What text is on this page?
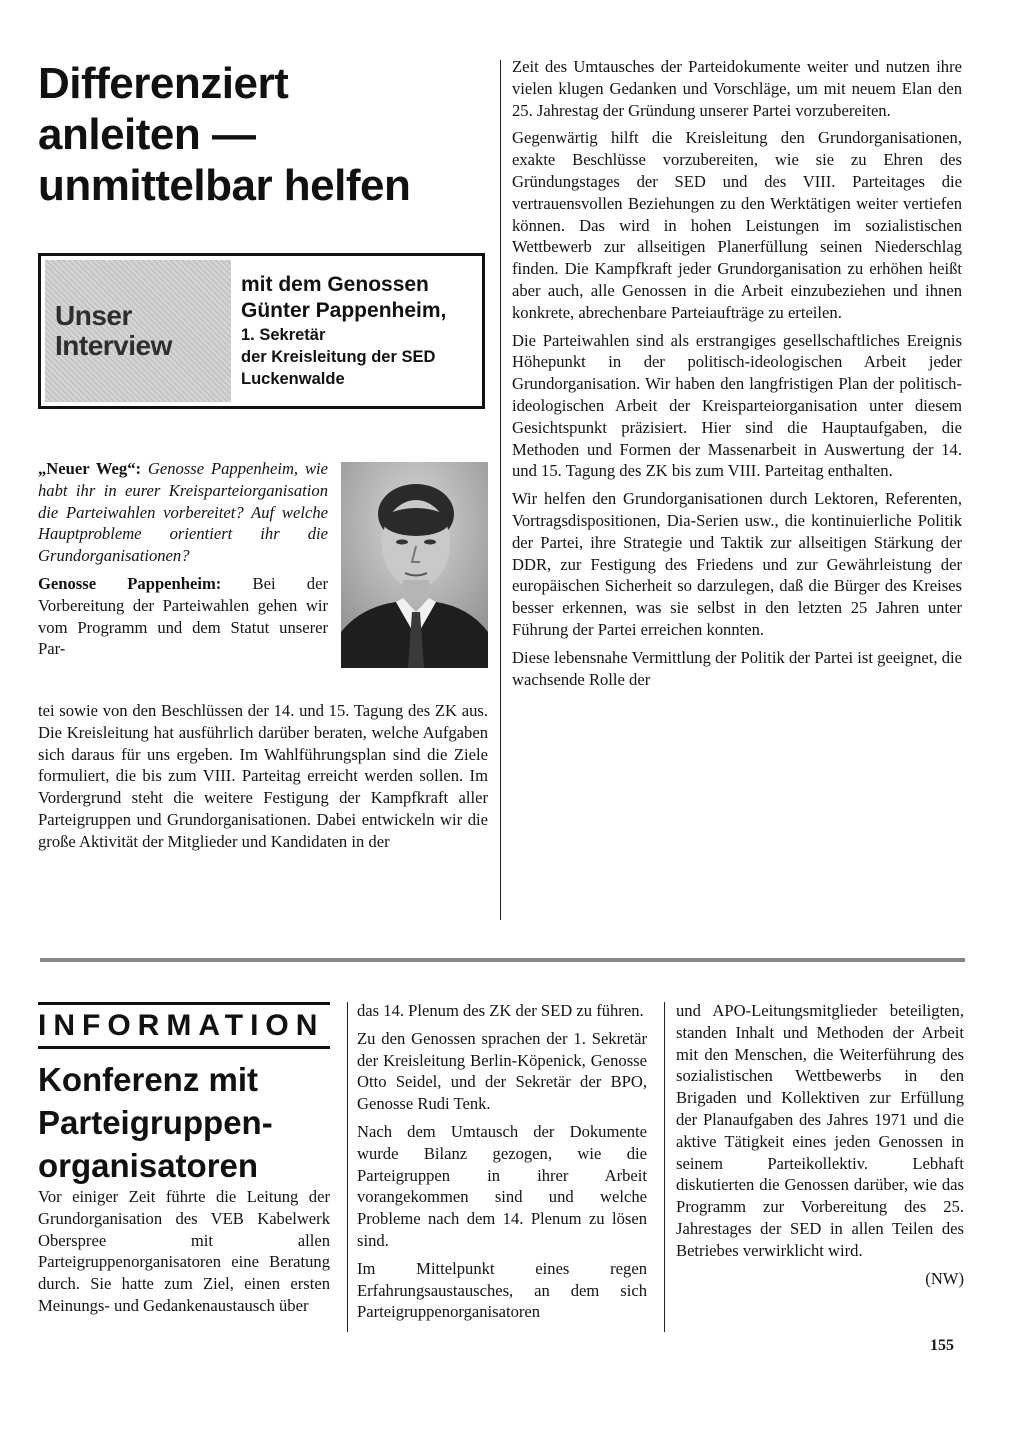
Differenziert
anleiten —
unmittelbar helfen
Unser
Interview
mit dem Genossen
Günter Pappenheim,
1. Sekretär
der Kreisleitung der SED
Luckenwalde

„Neuer Weg“: Genosse Pappenheim, wie habt ihr in eurer Kreisparteiorganisation die Parteiwahlen vorbereitet? Auf welche Hauptprobleme orientiert ihr die Grundorganisationen?

Genosse Pappenheim: Bei der Vorbereitung der Parteiwahlen gehen wir vom Programm und dem Statut unserer Par-

tei sowie von den Beschlüssen der 14. und 15. Tagung des ZK aus. Die Kreisleitung hat ausführlich darüber beraten, welche Aufgaben sich daraus für uns ergeben. Im Wahlführungsplan sind die Ziele formuliert, die bis zum VIII. Parteitag erreicht werden sollen. Im Vordergrund steht die weitere Festigung der Kampfkraft aller Parteigruppen und Grundorganisationen. Dabei entwickeln wir die große Aktivität der Mitglieder und Kandidaten in der

Zeit des Umtausches der Parteidokumente weiter und nutzen ihre vielen klugen Gedanken und Vorschläge, um mit neuem Elan den 25. Jahrestag der Gründung unserer Partei vorzubereiten.

Gegenwärtig hilft die Kreisleitung den Grundorganisationen, exakte Beschlüsse vorzubereiten, wie sie zu Ehren des Gründungstages der SED und des VIII. Parteitages die vertrauensvollen Beziehungen zu den Werktätigen weiter vertiefen können. Das wird in hohen Leistungen im sozialistischen Wettbewerb zur allseitigen Planerfüllung seinen Niederschlag finden. Die Kampfkraft jeder Grundorganisation zu erhöhen heißt aber auch, alle Genossen in die Arbeit einzubeziehen und ihnen konkrete, abrechenbare Parteiaufträge zu erteilen.

Die Parteiwahlen sind als erstrangiges gesellschaftliches Ereignis Höhepunkt in der politisch-ideologischen Arbeit jeder Grundorganisation. Wir haben den langfristigen Plan der politisch-ideologischen Arbeit der Kreisparteiorganisation unter diesem Gesichtspunkt präzisiert. Hier sind die Hauptaufgaben, die Methoden und Formen der Massenarbeit in Auswertung der 14. und 15. Tagung des ZK bis zum VIII. Parteitag enthalten.

Wir helfen den Grundorganisationen durch Lektoren, Referenten, Vortragsdispositionen, Dia-Serien usw., die kontinuierliche Politik der Partei, ihre Strategie und Taktik zur allseitigen Stärkung der DDR, zur Festigung des Friedens und zur Gewährleistung der europäischen Sicherheit so darzulegen, daß die Bürger des Kreises besser erkennen, was sie selbst in den letzten 25 Jahren unter Führung der Partei erreichen konnten.

Diese lebensnahe Vermittlung der Politik der Partei ist geeignet, die wachsende Rolle der

INFORMATION
Konferenz mit
Parteigruppen-
organisatoren

Vor einiger Zeit führte die Leitung der Grundorganisation des VEB Kabelwerk Oberspree mit allen Parteigruppenorganisatoren eine Beratung durch. Sie hatte zum Ziel, einen ersten Meinungs- und Gedankenaustausch über

das 14. Plenum des ZK der SED zu führen.

Zu den Genossen sprachen der 1. Sekretär der Kreisleitung Berlin-Köpenick, Genosse Otto Seidel, und der Sekretär der BPO, Genosse Rudi Tenk.

Nach dem Umtausch der Dokumente wurde Bilanz gezogen, wie die Parteigruppen in ihrer Arbeit vorangekommen sind und welche Probleme nach dem 14. Plenum zu lösen sind.

Im Mittelpunkt eines regen Erfahrungsaustausches, an dem sich Parteigruppenorganisatoren

und APO-Leitungsmitglieder beteiligten, standen Inhalt und Methoden der Arbeit mit den Menschen, die Weiterführung des sozialistischen Wettbewerbs in den Brigaden und Kollektiven zur Erfüllung der Planaufgaben des Jahres 1971 und die aktive Tätigkeit eines jeden Genossen in seinem Parteikollektiv. Lebhaft diskutierten die Genossen darüber, wie das Programm zur Vorbereitung des 25. Jahrestages der SED in allen Teilen des Betriebes verwirklicht wird.

(NW)

155
